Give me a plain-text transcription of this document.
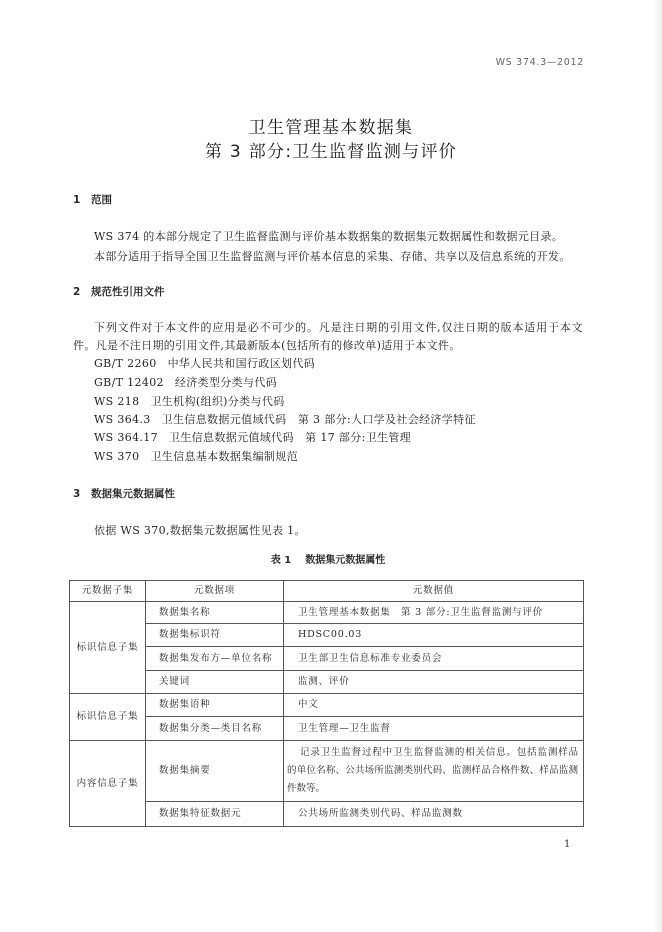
WS 374.3—2012
卫生管理基本数据集
第 3 部分:卫生监督监测与评价
1 范围
WS 374 的本部分规定了卫生监督监测与评价基本数据集的数据集元数据属性和数据元目录。
本部分适用于指导全国卫生监督监测与评价基本信息的采集、存储、共享以及信息系统的开发。
2 规范性引用文件
下列文件对于本文件的应用是必不可少的。凡是注日期的引用文件,仅注日期的版本适用于本文
件。凡是不注日期的引用文件,其最新版本(包括所有的修改单)适用于本文件。
GB/T 2260 中华人民共和国行政区划代码
GB/T 12402 经济类型分类与代码
WS 218 卫生机构(组织)分类与代码
WS 364.3 卫生信息数据元值域代码　第 3 部分:人口学及社会经济学特征
WS 364.17 卫生信息数据元值域代码　第 17 部分:卫生管理
WS 370 卫生信息基本数据集编制规范
3 数据集元数据属性
依据 WS 370,数据集元数据属性见表 1。
表 1 数据集元数据属性
元数据子集	元数据项	元数据值
标识信息子集	数据集名称	卫生管理基本数据集　第 3 部分:卫生监督监测与评价
	数据集标识符	HDSC00.03
	数据集发布方—单位名称	卫生部卫生信息标准专业委员会
	关键词	监测、评价
标识信息子集	数据集语种	中文
	数据集分类—类目名称	卫生管理—卫生监督
内容信息子集	数据集摘要	记录卫生监督过程中卫生监督监测的相关信息。包括监测样品
的单位名称、公共场所监测类别代码、监测样品合格件数、样品监测
件数等。

	数据集特征数据元	公共场所监测类别代码、样品监测数
1
